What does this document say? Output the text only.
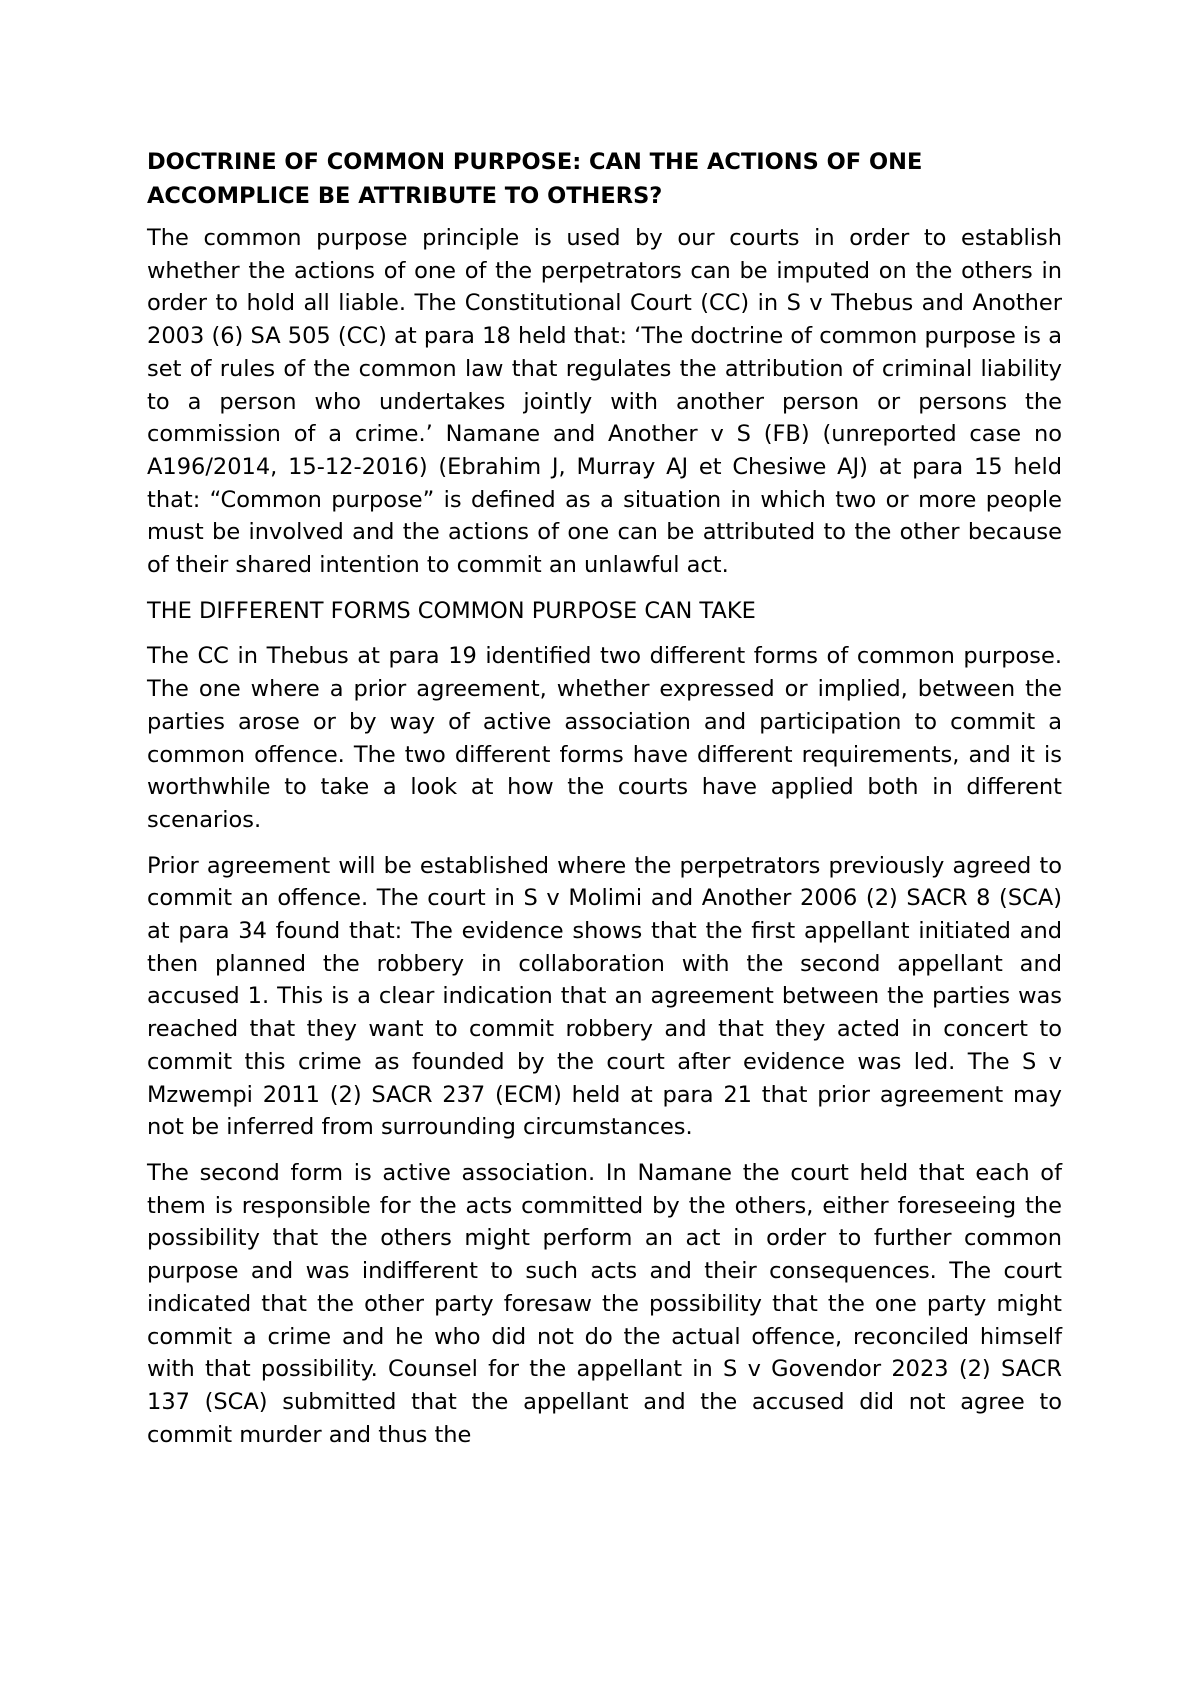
DOCTRINE OF COMMON PURPOSE: CAN THE ACTIONS OF ONE ACCOMPLICE BE ATTRIBUTE TO OTHERS?
The common purpose principle is used by our courts in order to establish whether the actions of one of the perpetrators can be imputed on the others in order to hold all liable. The Constitutional Court (CC) in S v Thebus and Another 2003 (6) SA 505 (CC) at para 18 held that: ‘The doctrine of common purpose is a set of rules of the common law that regulates the attribution of criminal liability to a person who undertakes jointly with another person or persons the commission of a crime.’ Namane and Another v S (FB) (unreported case no A196/2014, 15-12-2016) (Ebrahim J, Murray AJ et Chesiwe AJ) at para 15 held that: “Common purpose” is defined as a situation in which two or more people must be involved and the actions of one can be attributed to the other because of their shared intention to commit an unlawful act.
THE DIFFERENT FORMS COMMON PURPOSE CAN TAKE
The CC in Thebus at para 19 identified two different forms of common purpose. The one where a prior agreement, whether expressed or implied, between the parties arose or by way of active association and participation to commit a common offence. The two different forms have different requirements, and it is worthwhile to take a look at how the courts have applied both in different scenarios.
Prior agreement will be established where the perpetrators previously agreed to commit an offence. The court in S v Molimi and Another 2006 (2) SACR 8 (SCA) at para 34 found that: The evidence shows that the first appellant initiated and then planned the robbery in collaboration with the second appellant and accused 1. This is a clear indication that an agreement between the parties was reached that they want to commit robbery and that they acted in concert to commit this crime as founded by the court after evidence was led. The S v Mzwempi 2011 (2) SACR 237 (ECM) held at para 21 that prior agreement may not be inferred from surrounding circumstances.
The second form is active association. In Namane the court held that each of them is responsible for the acts committed by the others, either foreseeing the possibility that the others might perform an act in order to further common purpose and was indifferent to such acts and their consequences. The court indicated that the other party foresaw the possibility that the one party might commit a crime and he who did not do the actual offence, reconciled himself with that possibility. Counsel for the appellant in S v Govendor 2023 (2) SACR 137 (SCA) submitted that the appellant and the accused did not agree to commit murder and thus the
